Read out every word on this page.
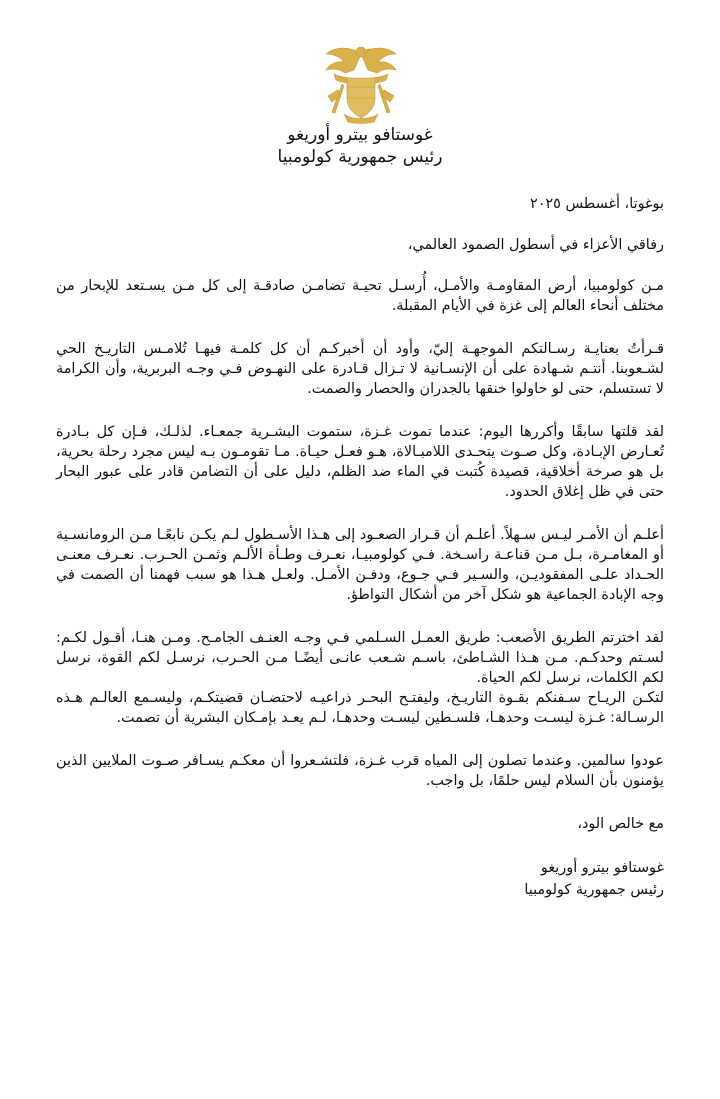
غوستافو بيترو أوريغو
رئيس جمهورية كولومبيا

بوغوتا، أغسطس ٢٠٢٥

رفاقي الأعزاء في أسطول الصمود العالمي،

مـن كولومبيا، أرض المقاومـة والأمـل، أُرسـل تحيـة تضامـن صادقـة إلى كل مـن يسـتعد للإبحار من مختلف أنحاء العالم إلى غزة في الأيام المقبلة.

قـرأتُ بعنايـة رسـالتكم الموجهـة إليّ، وأود أن أخبركـم أن كل كلمـة فيهـا تُلامـس التاريـخ الحي لشـعوبنا. أنتـم شـهادة على أن الإنسـانية لا تـزال قـادرة على النهـوض فـي وجـه البربرية، وأن الكرامة لا تستسلم، حتى لو حاولوا خنقها بالجدران والحصار والصمت.

لقد قلتها سابقًا وأكررها اليوم: عندما تموت غـزة، ستموت البشـرية جمعـاء. لذلـك، فـإن كل بـادرة تُعـارض الإبـادة، وكل صـوت يتحـدى اللامبـالاة، هـو فعـل حيـاة. مـا تقومـون بـه ليس مجرد رحلة بحرية، بل هو صرخة أخلاقية، قصيدة كُتبت في الماء ضد الظلم، دليل على أن التضامن قادر على عبور البحار حتى في ظل إغلاق الحدود.

أعلـم أن الأمـر ليـس سـهلاً. أعلـم أن قـرار الصعـود إلى هـذا الأسـطول لـم يكـن نابعًـا مـن الرومانسـية أو المغامـرة، بـل مـن قناعـة راسـخة. فـي كولومبيـا، نعـرف وطـأة الألـم وثمـن الحـرب. نعـرف معنـى الحـداد علـى المفقوديـن، والسـير فـي جـوع، ودفـن الأمـل. ولعـل هـذا هو سبب فهمنا أن الصمت في وجه الإبادة الجماعية هو شكل آخر من أشكال التواطؤ.

لقد اخترتم الطريق الأصعب: طريق العمـل السـلمي فـي وجـه العنـف الجامـح. ومـن هنـا، أقـول لكـم: لسـتم وحدكـم. مـن هـذا الشـاطئ، باسـم شـعب عانـى أيضًـا مـن الحـرب، نرسـل لكم القوة، نرسل لكم الكلمات، نرسل لكم الحياة.

لتكـن الريـاح سـفنكم بقـوة التاريـخ، وليفتـح البحـر ذراعيـه لاحتضـان قضيتكـم، وليسـمع العالـم هـذه الرسـالة: غـزة ليسـت وحدهـا، فلسـطين ليسـت وحدهـا، لـم يعـد بإمـكان البشرية أن تصمت.

عودوا سالمين. وعندما تصلون إلى المياه قرب غـزة، فلتشـعروا أن معكـم يسـافر صـوت الملايين الذين يؤمنون بأن السلام ليس حلمًا، بل واجب.

مع خالص الود،

غوستافو بيترو أوريغو
رئيس جمهورية كولومبيا
